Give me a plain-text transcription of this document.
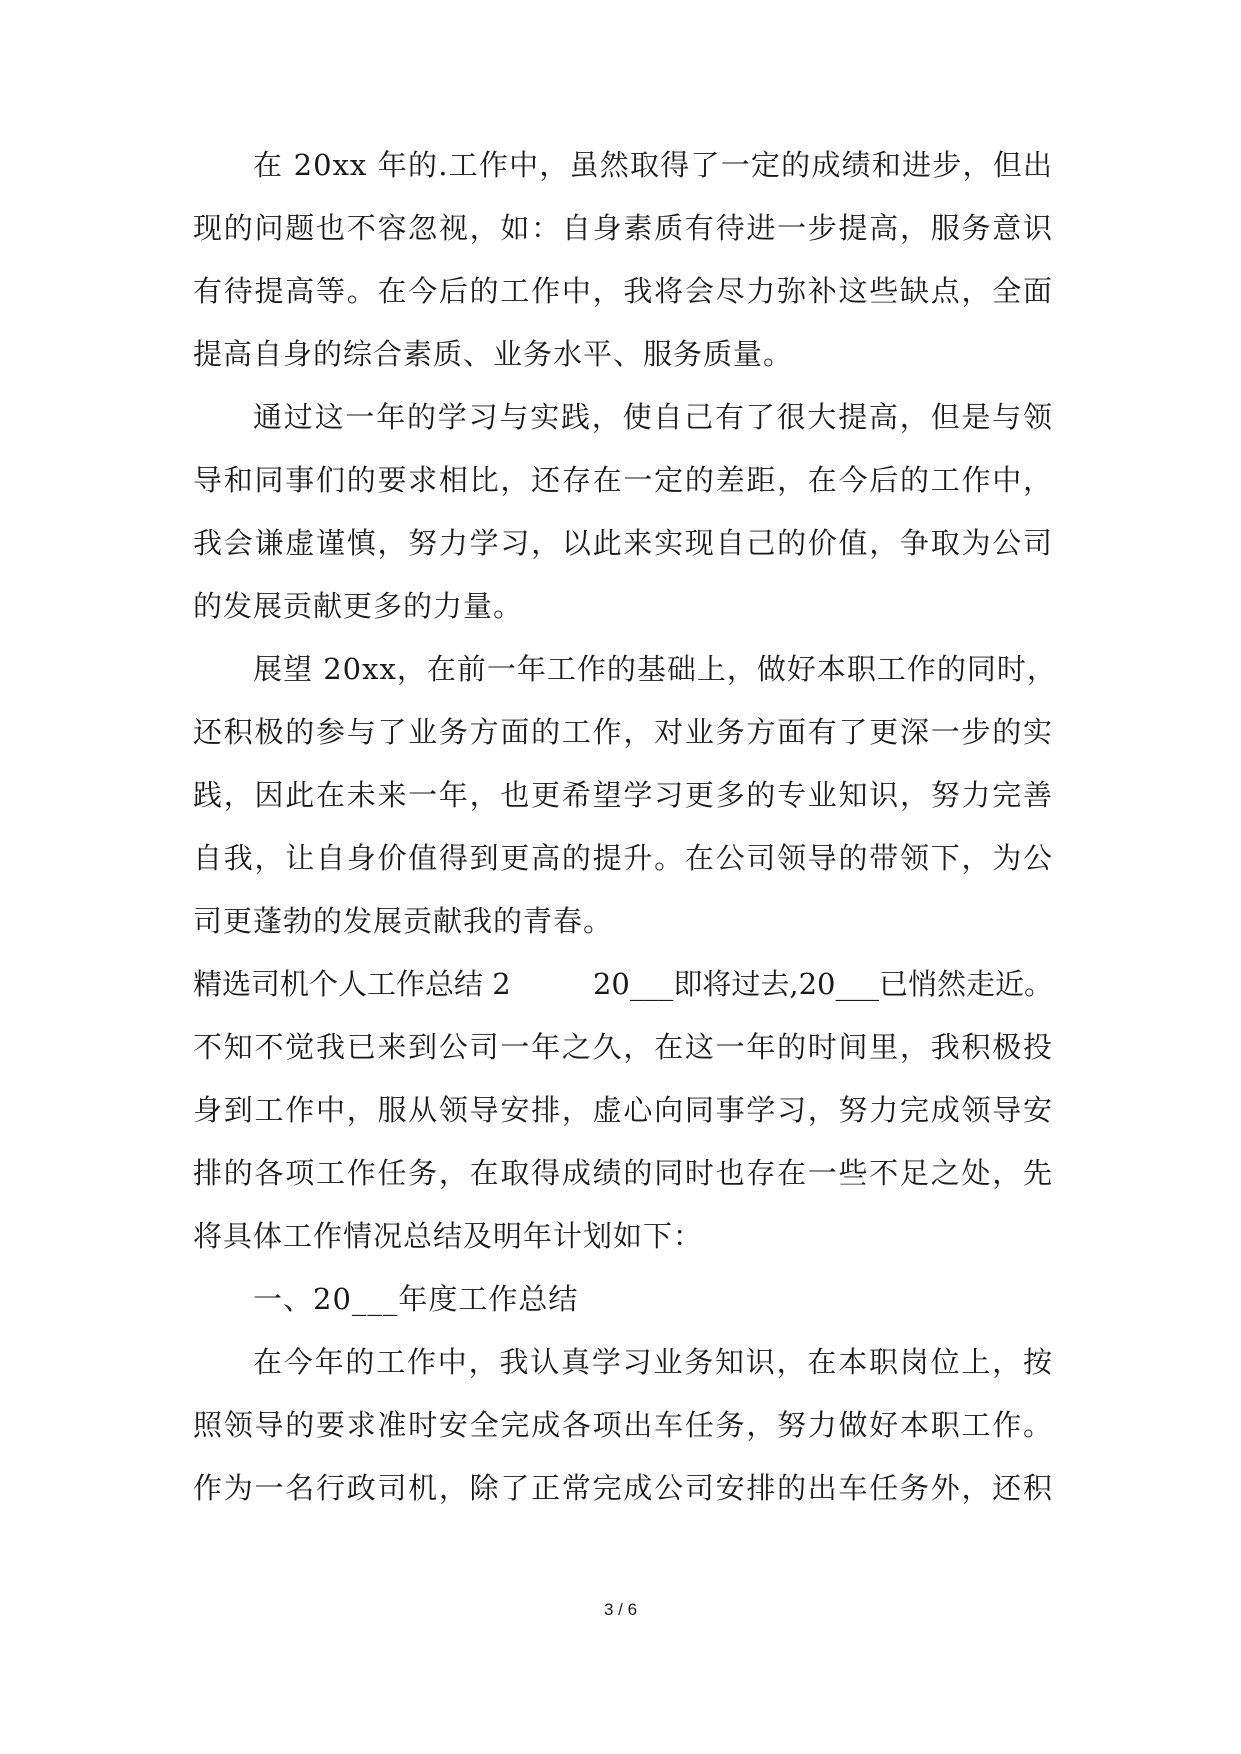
在 20xx 年的.工作中，虽然取得了一定的成绩和进步，但出
现的问题也不容忽视，如：自身素质有待进一步提高，服务意识
有待提高等。在今后的工作中，我将会尽力弥补这些缺点，全面
提高自身的综合素质、业务水平、服务质量。
通过这一年的学习与实践，使自己有了很大提高，但是与领
导和同事们的要求相比，还存在一定的差距，在今后的工作中，
我会谦虚谨慎，努力学习，以此来实现自己的价值，争取为公司
的发展贡献更多的力量。
展望 20xx，在前一年工作的基础上，做好本职工作的同时，
还积极的参与了业务方面的工作，对业务方面有了更深一步的实
践，因此在未来一年，也更希望学习更多的专业知识，努力完善
自我，让自身价值得到更高的提升。在公司领导的带领下，为公
司更蓬勃的发展贡献我的青春。
精选司机个人工作总结 2	20___即将过去,20___已悄然走近。
不知不觉我已来到公司一年之久，在这一年的时间里，我积极投
身到工作中，服从领导安排，虚心向同事学习，努力完成领导安
排的各项工作任务，在取得成绩的同时也存在一些不足之处，先
将具体工作情况总结及明年计划如下：
一、20___年度工作总结
在今年的工作中，我认真学习业务知识，在本职岗位上，按
照领导的要求准时安全完成各项出车任务，努力做好本职工作。
作为一名行政司机，除了正常完成公司安排的出车任务外，还积
3 / 6
